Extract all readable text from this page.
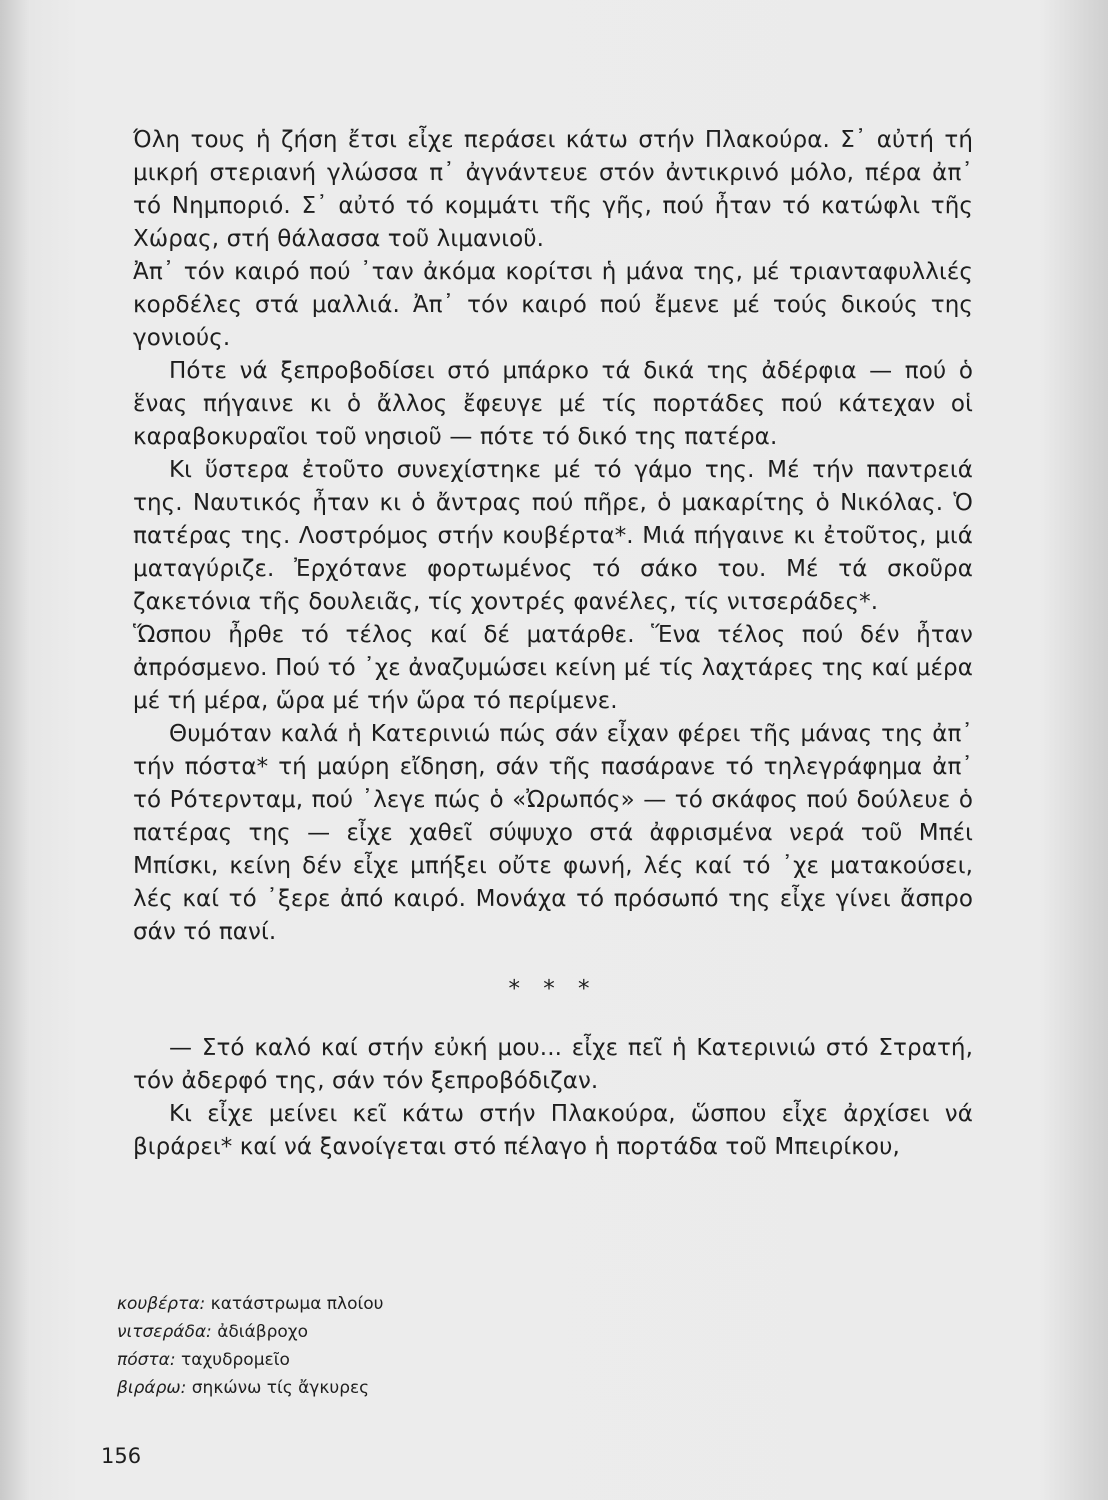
Όλη τους ἡ ζήση ἔτσι εἶχε περάσει κάτω στήν Πλακούρα. Σ᾽ αὐτή τή μικρή στεριανή γλώσσα π᾽ ἀγνάντευε στόν ἀντικρινό μόλο, πέρα ἀπ᾽ τό Νημποριό. Σ᾽ αὐτό τό κομμάτι τῆς γῆς, πού ἦταν τό κατώφλι τῆς Χώρας, στή θάλασσα τοῦ λιμανιοῦ.

Ἀπ᾽ τόν καιρό πού ᾽ταν ἀκόμα κορίτσι ἡ μάνα της, μέ τριανταφυλλιές κορδέλες στά μαλλιά. Ἀπ᾽ τόν καιρό πού ἔμενε μέ τούς δικούς της γονιούς.

Πότε νά ξεπροβοδίσει στό μπάρκο τά δικά της ἀδέρφια — πού ὁ ἕνας πήγαινε κι ὁ ἄλλος ἔφευγε μέ τίς πορτάδες πού κάτεχαν οἱ καραβοκυραῖοι τοῦ νησιοῦ — πότε τό δικό της πατέρα.

Κι ὕστερα ἐτοῦτο συνεχίστηκε μέ τό γάμο της. Μέ τήν παντρειά της. Ναυτικός ἦταν κι ὁ ἄντρας πού πῆρε, ὁ μακαρίτης ὁ Νικόλας. Ὁ πατέρας της. Λοστρόμος στήν κουβέρτα*. Μιά πήγαινε κι ἐτοῦτος, μιά ματαγύριζε. Ἐρχότανε φορτωμένος τό σάκο του. Μέ τά σκοῦρα ζακετόνια τῆς δουλειᾶς, τίς χοντρές φανέλες, τίς νιτσεράδες*.

Ὥσπου ἦρθε τό τέλος καί δέ ματάρθε. Ἕνα τέλος πού δέν ἦταν ἀπρόσμενο. Πού τό ᾽χε ἀναζυμώσει κείνη μέ τίς λαχτάρες της καί μέρα μέ τή μέρα, ὥρα μέ τήν ὥρα τό περίμενε.

Θυμόταν καλά ἡ Κατερινιώ πώς σάν εἶχαν φέρει τῆς μάνας της ἀπ᾽ τήν πόστα* τή μαύρη εἴδηση, σάν τῆς πασάρανε τό τηλεγράφημα ἀπ᾽ τό Ρότερνταμ, πού ᾽λεγε πώς ὁ «Ὠρωπός» — τό σκάφος πού δούλευε ὁ πατέρας της — εἶχε χαθεῖ σύψυχο στά ἀφρισμένα νερά τοῦ Μπέι Μπίσκι, κείνη δέν εἶχε μπήξει οὔτε φωνή, λές καί τό ᾽χε ματακούσει, λές καί τό ᾽ξερε ἀπό καιρό. Μονάχα τό πρόσωπό της εἶχε γίνει ἄσπρο σάν τό πανί.

* * *

— Στό καλό καί στήν εὐκή μου... εἶχε πεῖ ἡ Κατερινιώ στό Στρατή, τόν ἀδερφό της, σάν τόν ξεπροβόδιζαν.

Κι εἶχε μείνει κεῖ κάτω στήν Πλακούρα, ὥσπου εἶχε ἀρχίσει νά βιράρει* καί νά ξανοίγεται στό πέλαγο ἡ πορτάδα τοῦ Μπειρίκου,

κουβέρτα: κατάστρωμα πλοίου
νιτσεράδα: ἀδιάβροχο
πόστα: ταχυδρομεῖο
βιράρω: σηκώνω τίς ἄγκυρες
156
